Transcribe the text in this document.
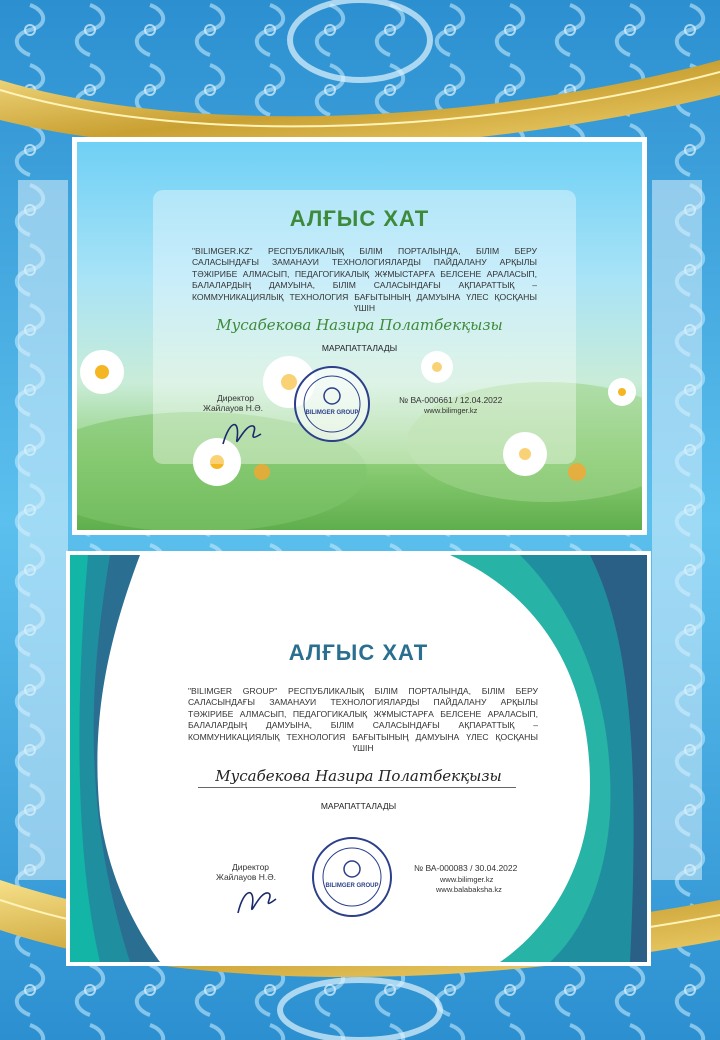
АЛҒЫС ХАТ
"BILIMGER.KZ" РЕСПУБЛИКАЛЫҚ БІЛІМ ПОРТАЛЫНДА, БІЛІМ БЕРУ САЛАСЫНДАҒЫ ЗАМАНАУИ ТЕХНОЛОГИЯЛАРДЫ ПАЙДАЛАНУ АРҚЫЛЫ ТӘЖІРИБЕ АЛМАСЫП, ПЕДАГОГИКАЛЫҚ ЖҰМЫСТАРҒА БЕЛСЕНЕ АРАЛАСЫП, БАЛАЛАРДЫҢ ДАМУЫНА, БІЛІМ САЛАСЫНДАҒЫ АҚПАРАТТЫҚ – КОММУНИКАЦИЯЛЫҚ ТЕХНОЛОГИЯ БАҒЫТЫНЫҢ ДАМУЫНА ҮЛЕС ҚОСҚАНЫ ҮШІН
Мусабекова Назира Полатбекқызы
МАРАПАТТАЛАДЫ
Директор
Жайлауов Н.Ә.	BILIMGER GROUP
№ ВА-000661 / 12.04.2022
www.bilimger.kz
АЛҒЫС ХАТ
"BILIMGER GROUP" РЕСПУБЛИКАЛЫҚ БІЛІМ ПОРТАЛЫНДА, БІЛІМ БЕРУ САЛАСЫНДАҒЫ ЗАМАНАУИ ТЕХНОЛОГИЯЛАРДЫ ПАЙДАЛАНУ АРҚЫЛЫ ТӘЖІРИБЕ АЛМАСЫП, ПЕДАГОГИКАЛЫҚ ЖҰМЫСТАРҒА БЕЛСЕНЕ АРАЛАСЫП, БАЛАЛАРДЫҢ ДАМУЫНА, БІЛІМ САЛАСЫНДАҒЫ АҚПАРАТТЫҚ – КОММУНИКАЦИЯЛЫҚ ТЕХНОЛОГИЯ БАҒЫТЫНЫҢ ДАМУЫНА ҮЛЕС ҚОСҚАНЫ ҮШІН
Мусабекова Назира Полатбекқызы
МАРАПАТТАЛАДЫ
Директор
Жайлауов Н.Ә.
BILIMGER GROUP
№ ВА-000083 / 30.04.2022
www.bilimger.kz
www.balabaksha.kz
